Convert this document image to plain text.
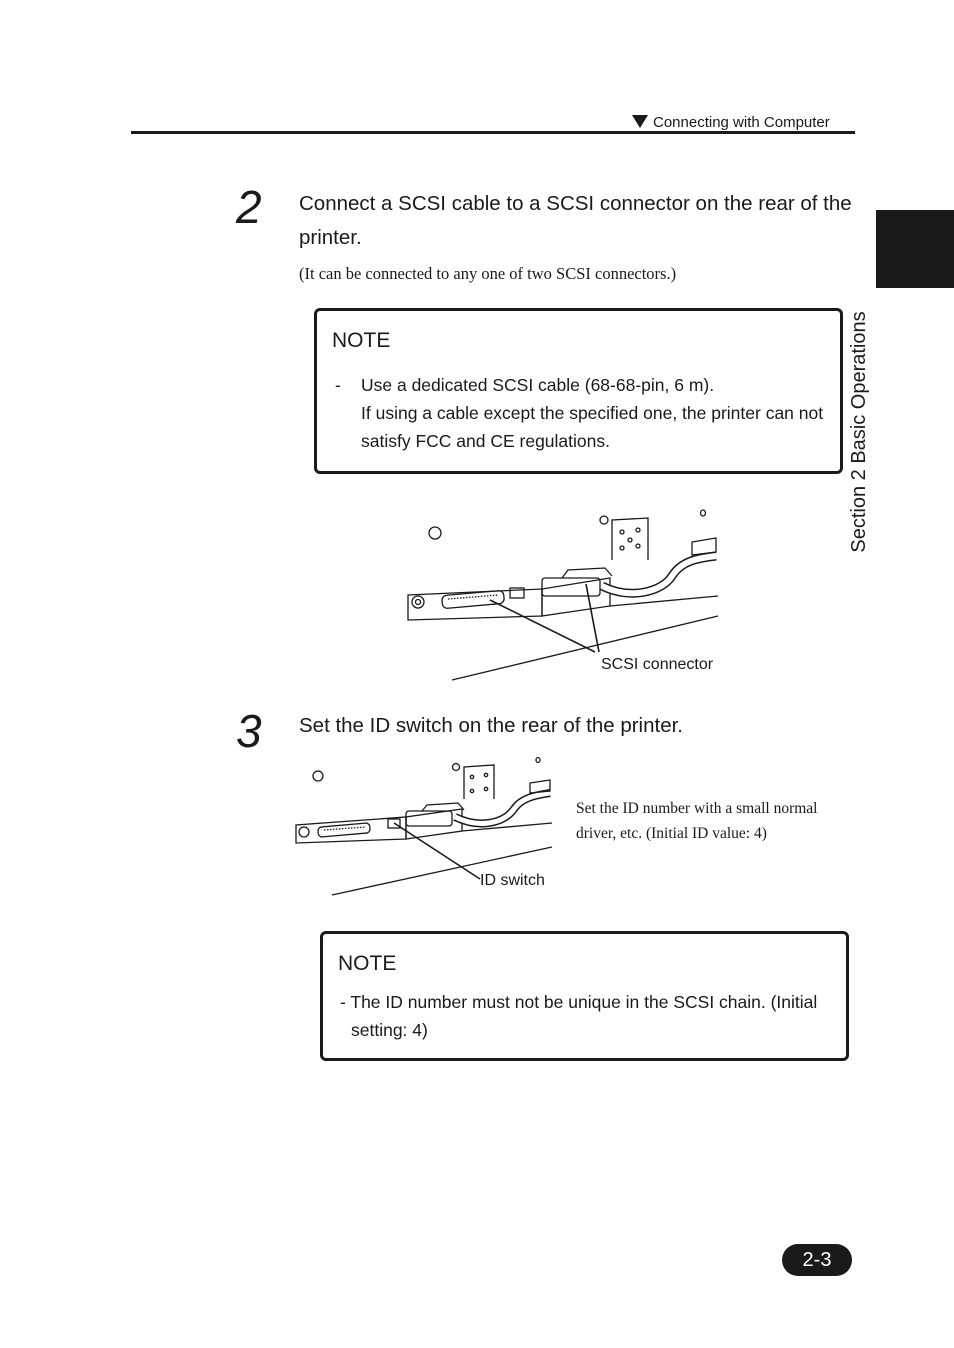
Connecting with Computer
Section 2 Basic Operations
2 Connect a SCSI cable to a SCSI connector on the rear of the printer.
(It can be connected to any one of two SCSI connectors.)
NOTE
- Use a dedicated SCSI cable (68-68-pin, 6 m).
If using a cable except the specified one, the printer can not satisfy FCC and CE regulations.
SCSI connector
3 Set the ID switch on the rear of the printer.
ID switch
Set the ID number with a small normal driver, etc. (Initial ID value: 4)
NOTE
- The ID number must not be unique in the SCSI chain. (Initial setting: 4)
2-3
